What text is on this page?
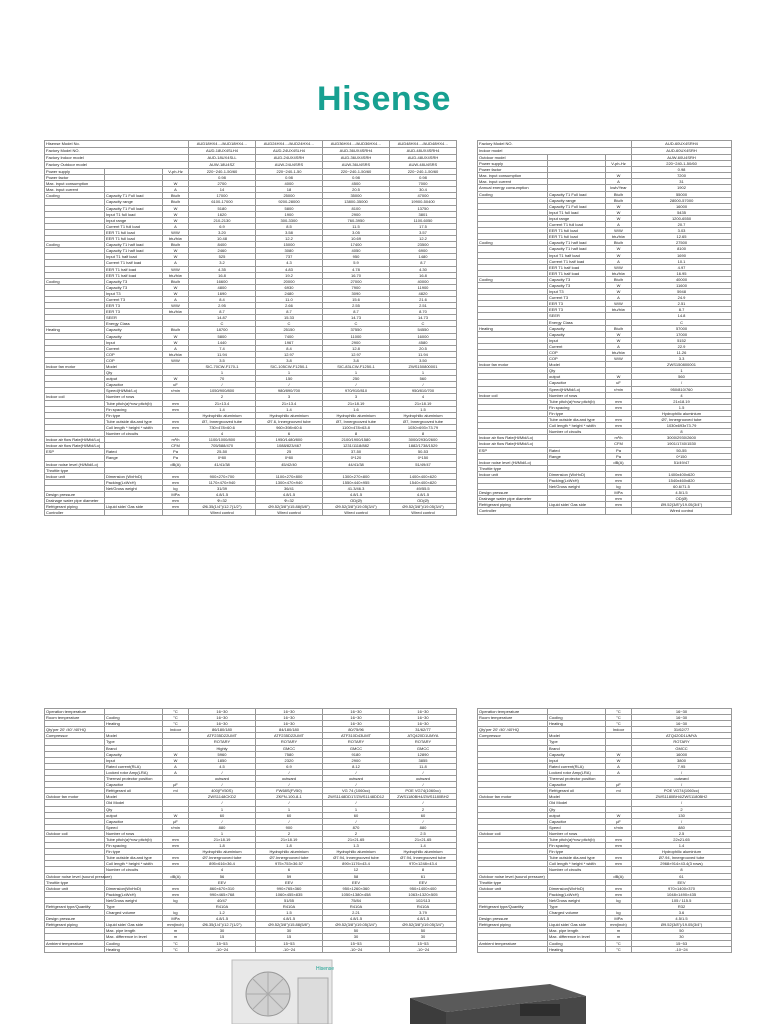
Hisense
Hisense Model No.			AUD18HX4…/AUD18HX4…	AUD24HX4…/AUD24HX4…	AUD36HX4…/AUD36HX4…	AUD48HX4…/AUD48HX4…
Factory Model NO.			AUD-18UX4SLH4	AUD-24UX4SLH4	AUD-36UX4SRH4	AUD-48UX4SRH4
Factory Indoor model			AUD-18UX4SLL	AUD-24UX4SRH	AUD-36UX4SRH	AUD-48UX4SRH
Factory Outdoor model			AUW-18U4SZ	AUW-24U4SRS	AUW-36U4SRS	AUW-48U4SRS
Power supply		V-ph-Hz	220~240-1-50/60	220~240-1-50	220~240-1-50/60	220~240-1-50/60
Power factor			0.98	0.98	0.98	0.98
Max. input consumption		W	2700	4000	4500	7000
Max. input current		A	14	18	20.5	30.4
Cooling	Capacity T1 Full load	Btu/h	17000	25000	35000	47000
	Capacity range	Btu/h	6100-17000	9200-28000	13800-35000	19900-50400
	Capacity T1 Full load	W	5180	5800	8100	13750
	Input T1 full load	W	1620	1900	2900	3801
	Input range	W	210-2130	300-3300	760-3950	1100-6050
	Current T1 full load	A	6.9	8.5	11.5	17.5
	EER T1 full load	W/W	3.20	3.58	3.05	3.57
	EER T1 full load	btu/h/w	10.48	12.2	10.69	12.2
Cooling	Capacity T1 half load	Btu/h	8400	15000	17400	23500
	Capacity T1 half load	W	2460	3080	4050	6900
	Input T1 half load	W	525	737	950	1480
	Current T1 half load	A	3.2	4.3	5.9	8.7
	EER T1 half load	W/W	4.35	4.83	4.78	4.30
	EER T1 half load	btu/h/w	16.8	19.2	16.70	16.8
Cooling	Capacity T3	Btu/h	16600	20000	27000	40000
	Capacity T3	W	4800	6930	7900	11900
	Input T3	W	1690	2480	3090	4820
	Current T3	A	8.4	11.0	15.6	21.6
	EER T3	W/W	2.95	2.66	2.55	2.51
	EER T3	btu/h/w	8.7	8.7	8.7	8.70
	SEER		14.87	15.33	14.73	14.73
	Energy Class		C	C	C	C
Heating	Capacity	Btu/h	18700	25150	37550	54550
	Capacity	W	5800	7400	11000	16000
	Input	W	1440	1967	2900	4580
	Current	A	7.4	8.4	12.8	20.5
	COP	btu/h/w	11.94	12.97	12.97	11.94
	COP	W/W	3.5	3.8	3.8	3.50
Indoor fan motor	Model		SIC-70CW-F170-1	SIC-105CW-F1250-1	SIC-83LCW-F1250-1	ZWS150800001
	Qty		1	1	1	1
	output	W	70	150	250	560
	Capacitor	uF	/	/	/	/
	Speed(Hi/Mid/Lo)	r/min	1050/900/800	980/890/700	970/910/810	950/810/700
Indoor coil	Number of rows		2	3	3	4
	Tube pitch(a)*row pitch(b)	mm	21×13.4	21×13.4	21×18.19	21×18.19
	Fin spacing	mm	1.4	1.4	1.6	1.5
	Fin type		Hydrophilic aluminium	Hydrophilic aluminium	Hydrophilic aluminium	Hydrophilic aluminium
	Tube outside dia.and type	mm	Ø7, Innergrooved tube	Ø7.6, Innergrooved tube	Ø7, Innergrooved tube	Ø7, Innergrooved tube
	Coil length * height * width	mm	730×478×60.6	960×398×60.6	1100×478×63.8	1030×693×73.79
	Number of circuits		4	6	8	8
Indoor air flow Rate(Hi/Mid/Lo)		m³/h	1100/1000/800	1950/1480/800	2100/1900/1580	3000/2930/2600
Indoor air flow Rate(Hi/Mid/Lo)		CFM	705/588/470	1088/823/467	1231/1118/882	1882/1738/1529
ESP	Rated	Pa	25-50	25	37-50	50-53
	Range	Pa	0*80	0*80	0*120	0*150
Indoor noise level (Hi/Mid/Lo)		dB(A)	41/41/38	45/42/40	44/41/38	51/49/47
Throttle type						
Indoor unit	Dimension (WxHxD)	mm	900×270×700	1100×270×800	1300×270×800	1400×400×620
	Packing(LxWxH)	mm	1170×470×940	1300×470×940	1550×440×955	1540×400×820
	Net/Gross weight	kg	31/39	36/41	41.3/46.3	49/55.5
Design pressure		MPa	4.8/1.5	4.8/1.5	4.8/1.5	4.8/1.5
Drainage water pipe diameter		mm	Ф=32	Ф=32	OD(Ø)	OD(Ø)
Refrigerant piping	Liquid side/ Gas side	mm	Ø6.35(1/4")/12.7(1/2")	Ø9.52(3/8")/15.88(5/8")	Ø9.52(3/8")/19.05(3/4")	Ø9.52(3/8")/19.05(3/4")
Controller			Wired control	Wired control	Wired control	Wired control
Factory Model NO.			AUD-60UX4SRH4
Indoor model			AUD-60UX4SRH
Outdoor model			AUW-60U4SRH
Power supply		V-ph-Hz	220~240-1-50/60
Power factor			0.98
Max. input consumption		W	7200
Max. input current		A	31
Annual energy consumption		kwh/Year	1902
Cooling	Capacity T1 Full load	Btu/h	55000
	Capacity range	Btu/h	28000-57000
	Capacity T1 Full load	W	16000
	Input T1 full load	W	5435
	Input range	W	1200-6550
	Current T1 full load	A	20.7
	EER T1 full load	W/W	3.03
	EER T1 full load	btu/h/w	12.65
Cooling	Capacity T1 half load	Btu/h	27500
	Capacity T1 half load	W	8100
	Input T1 half load	W	1690
	Current T1 half load	A	10.1
	EER T1 half load	W/W	4.97
	EER T1 half load	btu/h/w	16.95
Cooling	Capacity T3	Btu/h	40000
	Capacity T3	W	11600
	Input T3	W	5948
	Current T3	A	24.9
	EER T3	W/W	2.51
	EER T3	btu/h/w	8.7
	SEER		14.8
	Energy Class		C
Heating	Capacity	Btu/h	57000
	Capacity	W	17000
	Input	W	5152
	Current	A	22.9
	COP	btu/h/w	11.26
	COP	W/W	3.3
Indoor fan motor	Model		ZWS150800001
	Qty		1
	output	W	560
	Capacitor	uF	/
	Speed(Hi/Mid/Lo)	r/min	950/810/760
Indoor coil	Number of rows		4
	Tube pitch(a)*row pitch(b)	mm	21x18.19
	Fin spacing	mm	1.5
	Fin type		Hydrophilic aluminium
	Tube outside dia.and type	mm	Ø7, Innergrooved tube
	Coil length * height * width	mm	1030x693x73.79
	Number of circuits		8
Indoor air flow Rate(Hi/Mid/Lo)		m³/h	3000/2930/2600
Indoor air flow Rate(Hi/Mid/Lo)		CFM	1901/1740/1530
ESP	Rated	Pa	50-55
	Range	Pa	0*150
Indoor noise level (Hi/Mid/Lo)		dB(A)	51/49/47
Throttle type			
Indoor unit	Dimension (WxHxD)	mm	1400x400x620
	Packing(LxWxH)	mm	1540x460x820
	Net/Gross weight	kg	60.6/71.5
Design pressure		MPa	4.5/1.5
Drainage water pipe diameter		mm	OD(Ø)
Refrigerant piping	Liquid side/ Gas side	mm	Ø9.52(3/8")/19.05(3/4")
Controller			Wired control
Operation temperature		°C	16~30	16~30	16~30	16~30
Room temperature	Cooling	°C	16~30	16~30	16~30	16~30
	Heating	°C	16~30	16~30	16~30	16~30
Qty'per 20' /40' /40'HQ		Indoor	86/180/180	84/180/180	80/75/96	31/62/77
Compressor	Model		ATF235D22UMT	ATF235D22UMT	ATF310D43UMT	ATQ420D1UMYA
	Type		ROTARY	ROTARY	ROTARY	ROTARY
	Brand		Highly	GMCC	GMCC	GMCC
	Capacity	W	5960	7580	9180	12890
	Input	W	1850	2320	2900	3855
	Rated current(RLA)	A	4.5	6.9	8.12	11.8
	Locked rotor Amp(LRA)	A	/	/	/	/
	Thermal protector position		outward	outward	outward	outward
	Capacitor	μF	/	/	/	/
	Refrigerant oil	ml	400(FV50S)	FW68S(FV50)	VG 74 (1060cc)	POE VG74(1060cc)
Outdoor fan motor	Model		ZWS1148CKD2	ZKFN-100-8-1	ZWS1148DD17/ZWS1148DD12	ZWS1180BH4/ZWS1180BH2
	Old Model		/	/	/	/
	Qty		1	1	1	2
	output	W	60	60	60	60
	Capacitor	μF	/	/	/	/
	Speed	r/min	880	900	870	880
Outdoor coil	Number of rows		1	2	2	2.5
	Tube pitch(a)*row pitch(b)	mm	21×18.19	21×18.19	21×21.65	21×21.65
	Fin spacing	mm	1.8	1.8	1.3	1.4
	Fin type		Hydrophilic aluminium	Hydrophilic aluminium	Hydrophilic aluminium	Hydrophilic aluminium
	Tube outside dia.and type	mm	Ø7.Innergrooved tube	Ø7.Innergrooved tube	Ø7.94, Innergrooved tube	Ø7.94, Innergrooved tube
	Coil length * height * width	mm	895×616×36.4	975×753×36.57	890×1176×43.4	970×1248×43.4
	Number of circuits		4	6	12	8
Outdoor noise level (sound pressure)		dB(A)	56	59	58	61
Throttle type			EEV	EEV	EEV	EEV
Outdoor unit	Dimension(WxHxD)	mm	860×670×310	990×765×360	950×1260×360	950×1400×400
	Packing(LxWxH)	mm	990×465×768	1060×455×835	1050×1380×458	1063×1320×505
	Net/Gross weight	kg	40/47	51/55	75/84	102/113
Refrigerant type/Quantity	Type		R410A	R410A	R410A	R410A
	Charged volume	kg	1.2	1.5	2.21	3.79
Design pressure		MPa	4.8/1.5	4.8/1.5	4.8/1.5	4.8/1.5
Refrigerant piping	Liquid side/ Gas side	mm(inch)	Ø6.35(1/4")/12.7(1/2")	Ø9.52(3/8")/15.88(5/8")	Ø9.52(3/8")/19.05(3/4")	Ø9.52(3/8")/19.05(3/4")
	Max. pipe length	m	30	30	50	50
	Max. difference in level	m	15	15	30	30
Ambient temperature	Cooling	°C	15~53	15~53	15~53	15~53
	Heating	°C	-10~24	-10~24	-10~24	-10~24
Operation temperature		°C	16~30
Room temperature	Cooling	°C	16~30
	Heating	°C	16~30
Qty'per 20' /40' /40'HQ		Indoor	31/62/77
Compressor	Model		ATQ420D1UMYA
	Type		ROTARY
	Brand		GMCC
	Capacity	W	16000
	Input	W	3800
	Rated current(RLA)	A	7.95
	Locked rotor Amp(LRA)	A	/
	Thermal protector position		outward
	Capacitor	μF	/
	Refrigerant oil	ml	POE VG74(1060cc)
Outdoor fan motor	Model		ZWS1180BH4/ZWS1180BH2
	Old Model		/
	Qty		2
	output	W	130
	Capacitor	μF	/
	Speed	r/min	880
Outdoor coil	Number of rows		2.5
	Tube pitch(a)*row pitch(b)	mm	22x21.65
	Fin spacing	mm	1.4
	Fin type		Hydrophilic aluminium
	Tube outside dia.and type	mm	Ø7.94, Innergrooved tube
	Coil length * height * width	mm	2968×914×43.4(3 rows)
	Number of circuits		8
Outdoor noise level (sound pressure)		dB(A)	61
Throttle type			EEV
Outdoor unit	Dimension(WxHxD)	mm	970×1400×370
	Packing(LxWxH)	mm	1048×1490×435
	Net/Gross weight	kg	105 / 115.5
Refrigerant type/Quantity	Type		R32
	Charged volume	kg	3.6
Design pressure		MPa	4.5/1.5
Refrigerant piping	Liquid side/ Gas side	mm(inch)	Ø9.52(3/8")/19.05(3/4")
	Max. pipe length	m	50
	Max. difference in level	m	30
Ambient temperature	Cooling	°C	15~53
	Heating	°C	-10~24
Hisense
